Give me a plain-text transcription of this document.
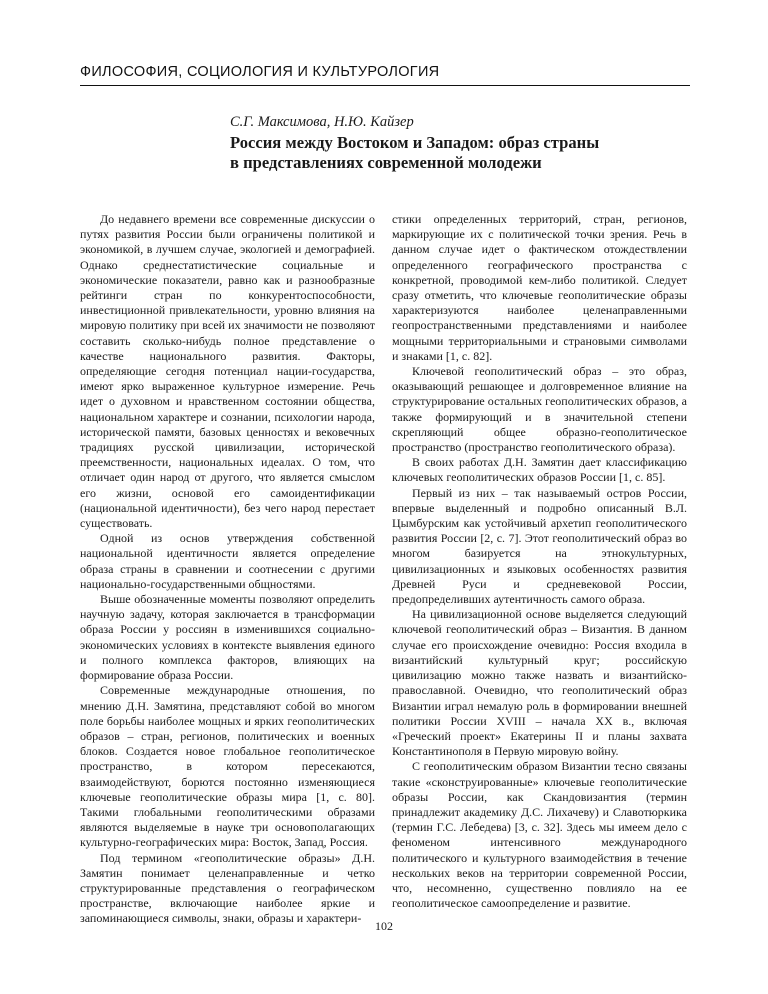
ФИЛОСОФИЯ, СОЦИОЛОГИЯ И КУЛЬТУРОЛОГИЯ

С.Г. Максимова, Н.Ю. Кайзер

Россия между Востоком и Западом: образ страны
в представлениях современной молодежи

До недавнего времени все современные дискуссии о путях развития России были ограничены политикой и экономикой, в лучшем случае, экологией и демографией. Однако среднестатистические социальные и экономические показатели, равно как и разнообразные рейтинги стран по конкурентоспособности, инвестиционной привлекательности, уровню влияния на мировую политику при всей их значимости не позволяют составить сколько-нибудь полное представление о качестве национального развития. Факторы, определяющие сегодня потенциал нации-государства, имеют ярко выраженное культурное измерение. Речь идет о духовном и нравственном состоянии общества, национальном характере и сознании, психологии народа, исторической памяти, базовых ценностях и вековечных традициях русской цивилизации, исторической преемственности, национальных идеалах. О том, что отличает один народ от другого, что является смыслом его жизни, основой его самоидентификации (национальной идентичности), без чего народ перестает существовать.

Одной из основ утверждения собственной национальной идентичности является определение образа страны в сравнении и соотнесении с другими национально-государственными общностями.

Выше обозначенные моменты позволяют определить научную задачу, которая заключается в трансформации образа России у россиян в изменившихся социально-экономических условиях в контексте выявления единого и полного комплекса факторов, влияющих на формирование образа России.

Современные международные отношения, по мнению Д.Н. Замятина, представляют собой во многом поле борьбы наиболее мощных и ярких геополитических образов – стран, регионов, политических и военных блоков. Создается новое глобальное геополитическое пространство, в котором пересекаются, взаимодействуют, борются постоянно изменяющиеся ключевые геополитические образы мира [1, с. 80]. Такими глобальными геополитическими образами являются выделяемые в науке три основополагающих культурно-географических мира: Восток, Запад, Россия.

Под термином «геополитические образы» Д.Н. Замятин понимает целенаправленные и четко структурированные представления о географическом пространстве, включающие наиболее яркие и запоминающиеся символы, знаки, образы и характери-

стики определенных территорий, стран, регионов, маркирующие их с политической точки зрения. Речь в данном случае идет о фактическом отождествлении определенного географического пространства с конкретной, проводимой кем-либо политикой. Следует сразу отметить, что ключевые геополитические образы характеризуются наиболее целенаправленными геопространственными представлениями и наиболее мощными территориальными и страновыми символами и знаками [1, с. 82].

Ключевой геополитический образ – это образ, оказывающий решающее и долговременное влияние на структурирование остальных геополитических образов, а также формирующий и в значительной степени скрепляющий общее образно-геополитическое пространство (пространство геополитического образа).

В своих работах Д.Н. Замятин дает классификацию ключевых геополитических образов России [1, с. 85].

Первый из них – так называемый остров России, впервые выделенный и подробно описанный В.Л. Цымбурским как устойчивый архетип геополитического развития России [2, с. 7]. Этот геополитический образ во многом базируется на этнокультурных, цивилизационных и языковых особенностях развития Древней Руси и средневековой России, предопределивших аутентичность самого образа.

На цивилизационной основе выделяется следующий ключевой геополитический образ – Византия. В данном случае его происхождение очевидно: Россия входила в византийский культурный круг; российскую цивилизацию можно также назвать и византийско-православной. Очевидно, что геополитический образ Византии играл немалую роль в формировании внешней политики России XVIII – начала XX в., включая «Греческий проект» Екатерины II и планы захвата Константинополя в Первую мировую войну.

С геополитическим образом Византии тесно связаны такие «сконструированные» ключевые геополитические образы России, как Скандовизантия (термин принадлежит академику Д.С. Лихачеву) и Славотюркика (термин Г.С. Лебедева) [3, с. 32]. Здесь мы имеем дело с феноменом интенсивного международного политического и культурного взаимодействия в течение нескольких веков на территории современной России, что, несомненно, существенно повлияло на ее геополитическое самоопределение и развитие.

102
